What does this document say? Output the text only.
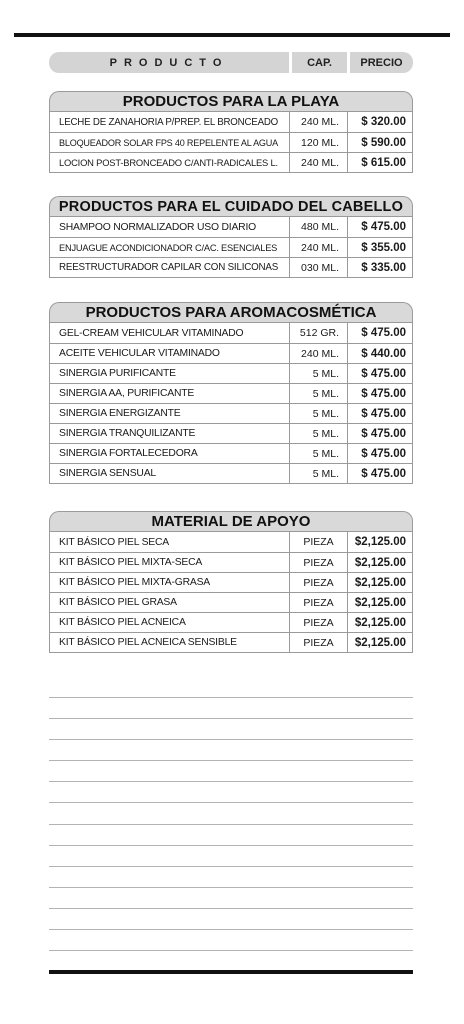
PRODUCTO	CAP.	PRECIO
PRODUCTOS PARA LA PLAYA
LECHE DE ZANAHORIA P/PREP. EL BRONCEADO	240 ML.	$ 320.00
BLOQUEADOR SOLAR FPS 40 REPELENTE AL AGUA	120 ML.	$ 590.00
LOCION POST-BRONCEADO C/ANTI-RADICALES L.	240 ML.	$ 615.00
PRODUCTOS PARA EL CUIDADO DEL CABELLO
SHAMPOO NORMALIZADOR USO DIARIO	480 ML.	$ 475.00
ENJUAGUE ACONDICIONADOR C/AC. ESENCIALES	240 ML.	$ 355.00
REESTRUCTURADOR CAPILAR CON SILICONAS	030 ML.	$ 335.00
PRODUCTOS PARA AROMACOSMÉTICA
GEL-CREAM VEHICULAR VITAMINADO	512 GR.	$ 475.00
ACEITE VEHICULAR VITAMINADO	240 ML.	$ 440.00
SINERGIA PURIFICANTE	5 ML.	$ 475.00
SINERGIA AA, PURIFICANTE	5 ML.	$ 475.00
SINERGIA ENERGIZANTE	5 ML.	$ 475.00
SINERGIA TRANQUILIZANTE	5 ML.	$ 475.00
SINERGIA FORTALECEDORA	5 ML.	$ 475.00
SINERGIA SENSUAL	5 ML.	$ 475.00
MATERIAL DE APOYO
KIT BÁSICO PIEL SECA	PIEZA	$2,125.00
KIT BÁSICO PIEL MIXTA-SECA	PIEZA	$2,125.00
KIT BÁSICO PIEL MIXTA-GRASA	PIEZA	$2,125.00
KIT BÁSICO PIEL GRASA	PIEZA	$2,125.00
KIT BÁSICO PIEL ACNEICA	PIEZA	$2,125.00
KIT BÁSICO PIEL ACNEICA SENSIBLE	PIEZA	$2,125.00
